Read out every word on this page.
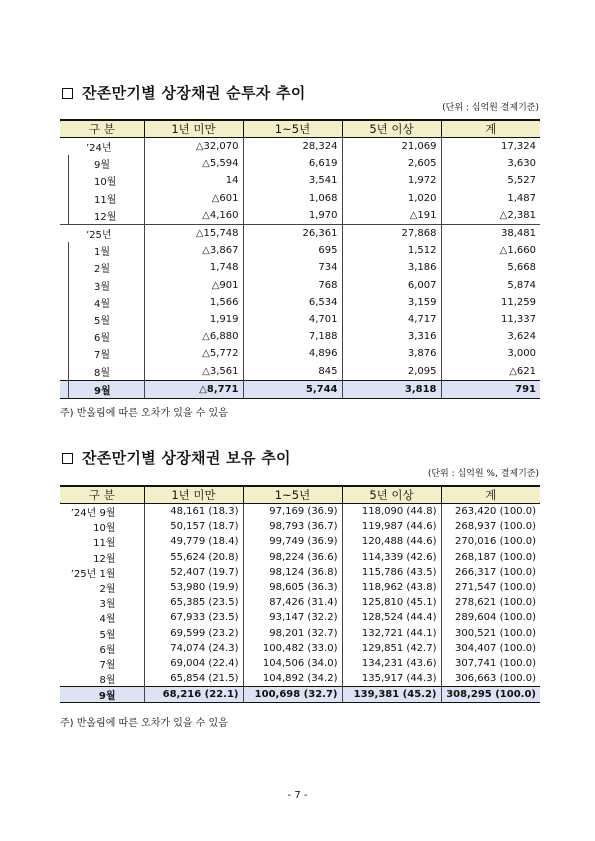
잔존만기별 상장채권 순투자 추이
(단위 : 십억원 결제기준)
구 분	1년 미만	1~5년	5년 이상	계

’24년	△32,070	28,324	21,069	17,324

9월	△5,594	6,619	2,605	3,630

10월	14	3,541	1,972	5,527

11월	△601	1,068	1,020	1,487

12월	△4,160	1,970	△191	△2,381

’25년	△15,748	26,361	27,868	38,481

1월	△3,867	695	1,512	△1,660

2월	1,748	734	3,186	5,668

3월	△901	768	6,007	5,874

4월	1,566	6,534	3,159	11,259

5월	1,919	4,701	4,717	11,337

6월	△6,880	7,188	3,316	3,624

7월	△5,772	4,896	3,876	3,000

8월	△3,561	845	2,095	△621

9월	△8,771	5,744	3,818	791
주) 반올림에 따른 오차가 있을 수 있음
잔존만기별 상장채권 보유 추이
(단위 : 십억원 %, 결제기준)
구 분	1년 미만	1~5년	5년 이상	계
’24년 9월	48,161 (18.3)	97,169 (36.9)	118,090 (44.8)	263,420 (100.0)
10월	50,157 (18.7)	98,793 (36.7)	119,987 (44.6)	268,937 (100.0)
11월	49,779 (18.4)	99,749 (36.9)	120,488 (44.6)	270,016 (100.0)
12월	55,624 (20.8)	98,224 (36.6)	114,339 (42.6)	268,187 (100.0)
’25년 1월	52,407 (19.7)	98,124 (36.8)	115,786 (43.5)	266,317 (100.0)
2월	53,980 (19.9)	98,605 (36.3)	118,962 (43.8)	271,547 (100.0)
3월	65,385 (23.5)	87,426 (31.4)	125,810 (45.1)	278,621 (100.0)
4월	67,933 (23.5)	93,147 (32.2)	128,524 (44.4)	289,604 (100.0)
5월	69,599 (23.2)	98,201 (32.7)	132,721 (44.1)	300,521 (100.0)
6월	74,074 (24.3)	100,482 (33.0)	129,851 (42.7)	304,407 (100.0)
7월	69,004 (22.4)	104,506 (34.0)	134,231 (43.6)	307,741 (100.0)
8월	65,854 (21.5)	104,892 (34.2)	135,917 (44.3)	306,663 (100.0)
9월	68,216 (22.1)	100,698 (32.7)	139,381 (45.2)	308,295 (100.0)
주) 반올림에 따른 오차가 있을 수 있음
- 7 -
